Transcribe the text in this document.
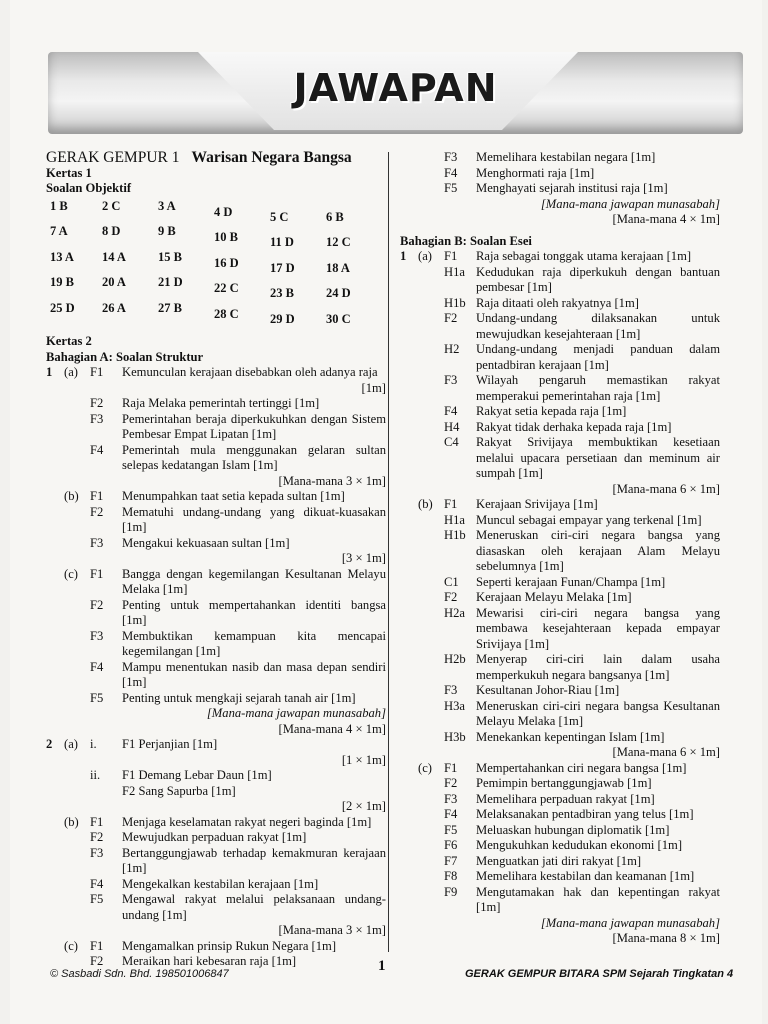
JAWAPAN
GERAK GEMPUR 1 Warisan Negara Bangsa
Kertas 1
Soalan Objektif
1 B	2 C	3 A	4 D	5 C	6 B
7 A	8 D	9 B	10 B	11 D	12 C
13 A	14 A	15 B	16 D	17 D	18 A
19 B	20 A	21 D	22 C	23 B	24 D
25 D	26 A	27 B	28 C	29 D	30 C
Kertas 2
Bahagian A: Soalan Struktur
1 (a) F1	Kemunculan kerajaan disebabkan oleh adanya raja
[1m]
F2	Raja Melaka pemerintah tertinggi [1m]
F3	Pemerintahan beraja diperkukuhkan dengan Sistem Pembesar Empat Lipatan [1m]
F4	Pemerintah mula menggunakan gelaran sultan selepas kedatangan Islam [1m]
[Mana-mana 3 × 1m]
(b) F1	Menumpahkan taat setia kepada sultan [1m]
F2	Mematuhi undang-undang yang dikuat-kuasakan [1m]
F3	Mengakui kekuasaan sultan [1m]
[3 × 1m]
(c) F1	Bangga dengan kegemilangan Kesultanan Melayu Melaka [1m]
F2	Penting untuk mempertahankan identiti bangsa [1m]
F3	Membuktikan kemampuan kita mencapai kegemilangan [1m]
F4	Mampu menentukan nasib dan masa depan sendiri [1m]
F5	Penting untuk mengkaji sejarah tanah air [1m]
[Mana-mana jawapan munasabah]
[Mana-mana 4 × 1m]
2 (a) i.	F1 Perjanjian [1m]
[1 × 1m]
ii.	F1 Demang Lebar Daun [1m]
F2 Sang Sapurba [1m]
[2 × 1m]
(b) F1	Menjaga keselamatan rakyat negeri baginda [1m]
F2	Mewujudkan perpaduan rakyat [1m]
F3	Bertanggungjawab terhadap kemakmuran kerajaan [1m]
F4	Mengekalkan kestabilan kerajaan [1m]
F5	Mengawal rakyat melalui pelaksanaan undang-undang [1m]
[Mana-mana 3 × 1m]
(c) F1	Mengamalkan prinsip Rukun Negara [1m]
F2	Meraikan hari kebesaran raja [1m]
F3	Memelihara kestabilan negara [1m]
F4	Menghormati raja [1m]
F5	Menghayati sejarah institusi raja [1m]
[Mana-mana jawapan munasabah]
[Mana-mana 4 × 1m]
Bahagian B: Soalan Esei
1 (a) F1	Raja sebagai tonggak utama kerajaan [1m]
H1a Kedudukan raja diperkukuh dengan bantuan pembesar [1m]
H1b Raja ditaati oleh rakyatnya [1m]
F2	Undang-undang dilaksanakan untuk mewujudkan kesejahteraan [1m]
H2	Undang-undang menjadi panduan dalam pentadbiran kerajaan [1m]
F3	Wilayah pengaruh memastikan rakyat memperakui pemerintahan raja [1m]
F4	Rakyat setia kepada raja [1m]
H4	Rakyat tidak derhaka kepada raja [1m]
C4	Rakyat Srivijaya membuktikan kesetiaan melalui upacara persetiaan dan meminum air sumpah [1m]
[Mana-mana 6 × 1m]
(b) F1	Kerajaan Srivijaya [1m]
H1a Muncul sebagai empayar yang terkenal [1m]
H1b Meneruskan ciri-ciri negara bangsa yang diasaskan oleh kerajaan Alam Melayu sebelumnya [1m]
C1	Seperti kerajaan Funan/Champa [1m]
F2	Kerajaan Melayu Melaka [1m]
H2a Mewarisi ciri-ciri negara bangsa yang membawa kesejahteraan kepada empayar Srivijaya [1m]
H2b Menyerap ciri-ciri lain dalam usaha memperkukuh negara bangsanya [1m]
F3	Kesultanan Johor-Riau [1m]
H3a Meneruskan ciri-ciri negara bangsa Kesultanan Melayu Melaka [1m]
H3b Menekankan kepentingan Islam [1m]
[Mana-mana 6 × 1m]
(c) F1	Mempertahankan ciri negara bangsa [1m]
F2	Pemimpin bertanggungjawab [1m]
F3	Memelihara perpaduan rakyat [1m]
F4	Melaksanakan pentadbiran yang telus [1m]
F5	Meluaskan hubungan diplomatik [1m]
F6	Mengukuhkan kedudukan ekonomi [1m]
F7	Menguatkan jati diri rakyat [1m]
F8	Memelihara kestabilan dan keamanan [1m]
F9	Mengutamakan hak dan kepentingan rakyat [1m]
[Mana-mana jawapan munasabah]
[Mana-mana 8 × 1m]
© Sasbadi Sdn. Bhd. 198501006847	1	GERAK GEMPUR BITARA SPM Sejarah Tingkatan 4
